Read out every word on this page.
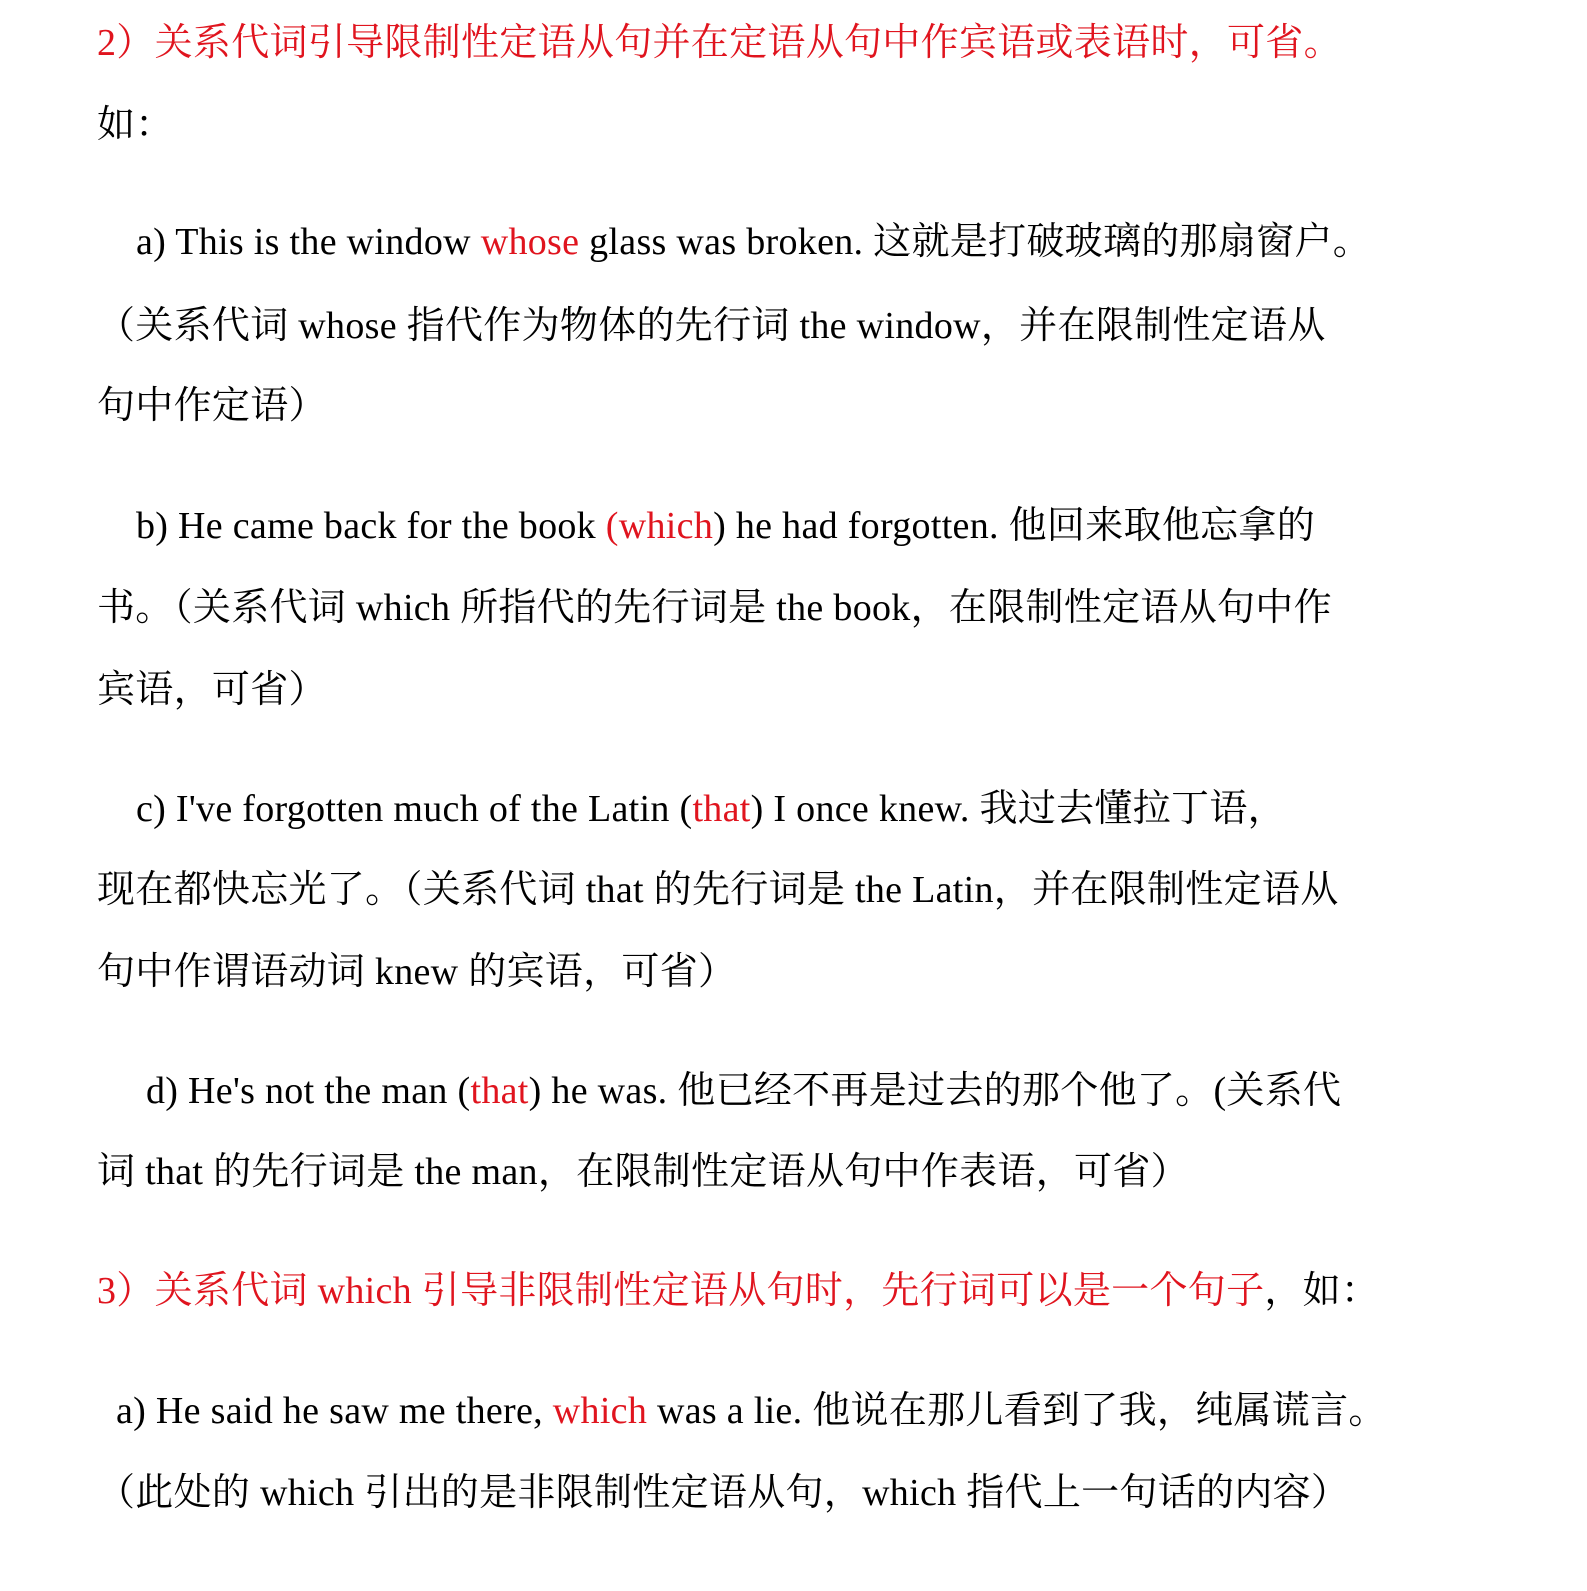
2）关系代词引导限制性定语从句并在定语从句中作宾语或表语时，可省。
如：
a) This is the window whose glass was broken. 这就是打破玻璃的那扇窗户。
（关系代词 whose 指代作为物体的先行词 the window，并在限制性定语从
句中作定语）
b) He came back for the book (which) he had forgotten. 他回来取他忘拿的
书。（关系代词 which 所指代的先行词是 the book，在限制性定语从句中作
宾语，可省）
c) I've forgotten much of the Latin (that) I once knew. 我过去懂拉丁语，
现在都快忘光了。（关系代词 that 的先行词是 the Latin，并在限制性定语从
句中作谓语动词 knew 的宾语，可省）
d) He's not the man (that) he was. 他已经不再是过去的那个他了。(关系代
词 that 的先行词是 the man，在限制性定语从句中作表语，可省）
3）关系代词 which 引导非限制性定语从句时，先行词可以是一个句子，如：
a) He said he saw me there, which was a lie. 他说在那儿看到了我，纯属谎言。
（此处的 which 引出的是非限制性定语从句，which 指代上一句话的内容）
